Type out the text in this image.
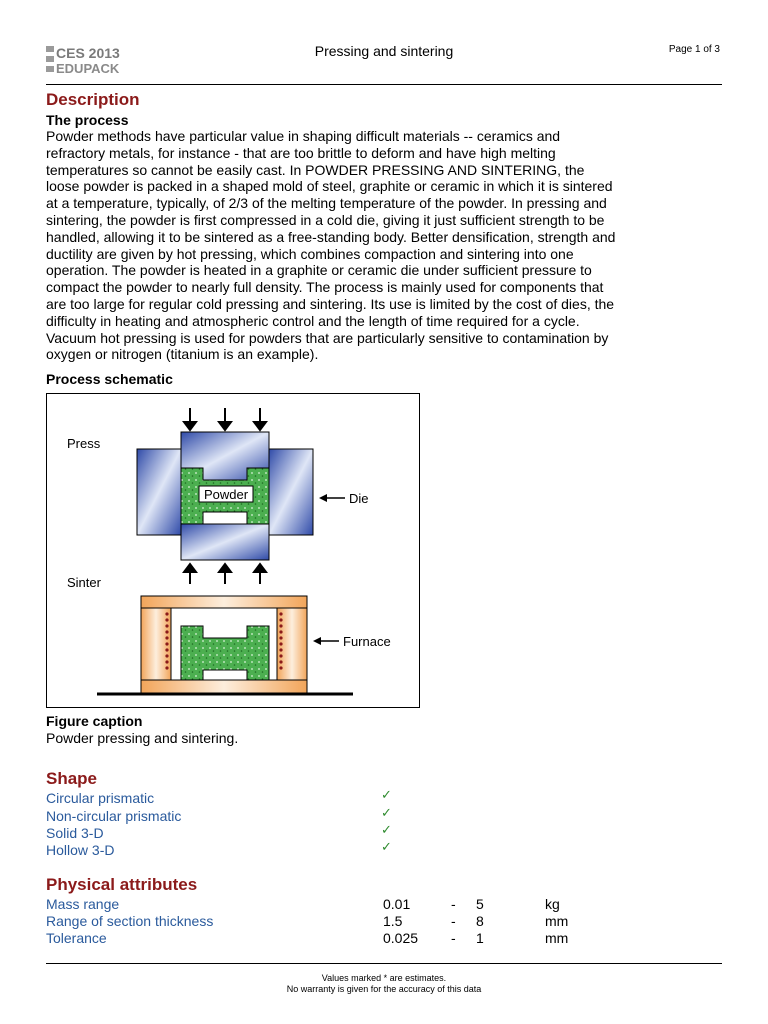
CES 2013
EDUPACK
Pressing and sintering	Page 1 of 3
Description
The process
Powder methods have particular value in shaping difficult materials -- ceramics and
refractory metals, for instance - that are too brittle to deform and have high melting
temperatures so cannot be easily cast. In POWDER PRESSING AND SINTERING, the
loose powder is packed in a shaped mold of steel, graphite or ceramic in which it is sintered
at a temperature, typically, of 2/3 of the melting temperature of the powder. In pressing and
sintering, the powder is first compressed in a cold die, giving it just sufficient strength to be
handled, allowing it to be sintered as a free-standing body. Better densification, strength and
ductility are given by hot pressing, which combines compaction and sintering into one
operation. The powder is heated in a graphite or ceramic die under sufficient pressure to
compact the powder to nearly full density. The process is mainly used for components that
are too large for regular cold pressing and sintering. Its use is limited by the cost of dies, the
difficulty in heating and atmospheric control and the length of time required for a cycle.
Vacuum hot pressing is used for powders that are particularly sensitive to contamination by
oxygen or nitrogen (titanium is an example).
Process schematic
Press
Powder	Die
Sinter
Furnace
Figure caption
Powder pressing and sintering.
Shape
Circular prismatic	✓
Non-circular prismatic	✓
Solid 3-D	✓
Hollow 3-D	✓
Physical attributes
Mass range	0.01	- 5	kg
Range of section thickness	1.5	- 8	mm
Tolerance	0.025 - 1	mm
Values marked * are estimates.
No warranty is given for the accuracy of this data
